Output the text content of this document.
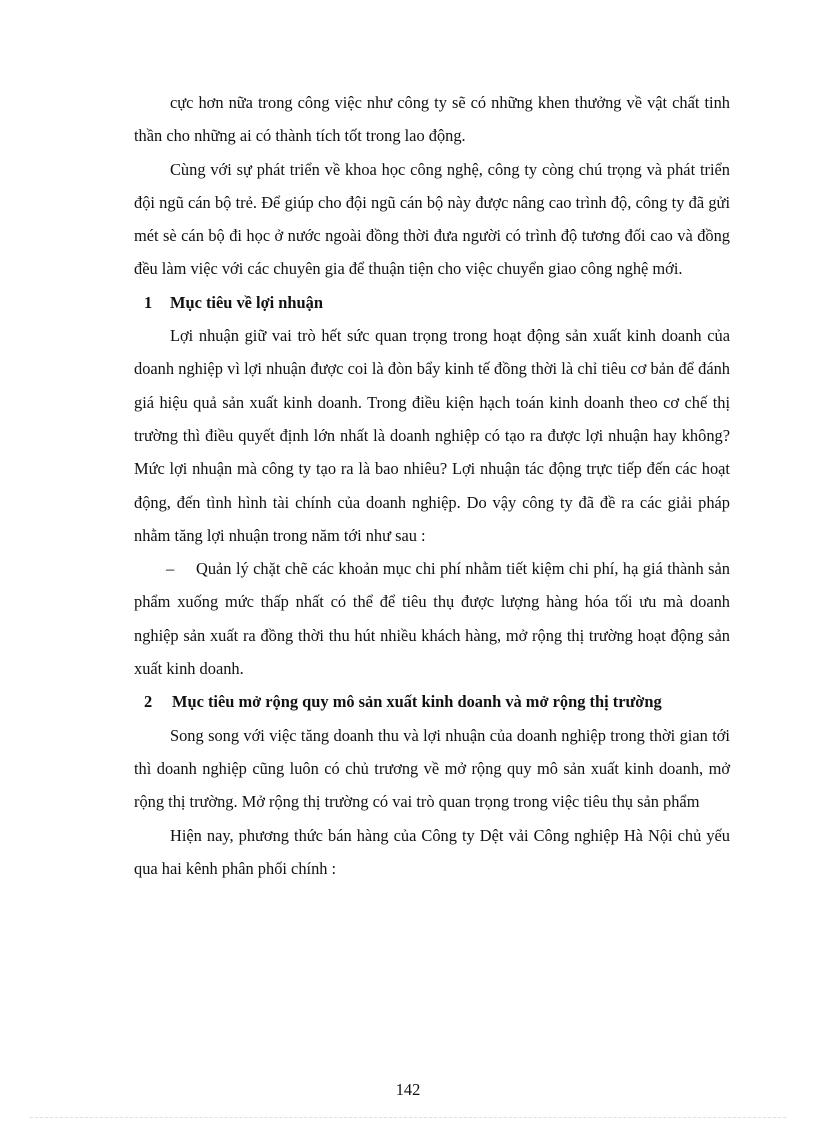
cực hơn nữa trong công việc như công ty sẽ có những khen thưởng về vật chất tinh thần cho những ai có thành tích tốt trong lao động.

Cùng với sự phát triển về khoa học công nghệ, công ty còng chú trọng và phát triển đội ngũ cán bộ trẻ. Để giúp cho đội ngũ cán bộ này được nâng cao trình độ, công ty đã gửi mét sè cán bộ đi học ở nước ngoài đồng thời đưa người có trình độ tương đối cao và đồng đều làm việc với các chuyên gia để thuận tiện cho việc chuyển giao công nghệ mới.

1 Mục tiêu về lợi nhuận

Lợi nhuận giữ vai trò hết sức quan trọng trong hoạt động sản xuất kinh doanh của doanh nghiệp vì lợi nhuận được coi là đòn bẩy kinh tế đồng thời là chỉ tiêu cơ bản để đánh giá hiệu quả sản xuất kinh doanh. Trong điều kiện hạch toán kinh doanh theo cơ chế thị trường thì điều quyết định lớn nhất là doanh nghiệp có tạo ra được lợi nhuận hay không? Mức lợi nhuận mà công ty tạo ra là bao nhiêu? Lợi nhuận tác động trực tiếp đến các hoạt động, đến tình hình tài chính của doanh nghiệp. Do vậy công ty đã đề ra các giải pháp nhằm tăng lợi nhuận trong năm tới như sau :

– Quản lý chặt chẽ các khoản mục chi phí nhằm tiết kiệm chi phí, hạ giá thành sản phẩm xuống mức thấp nhất có thể để tiêu thụ được lượng hàng hóa tối ưu mà doanh nghiệp sản xuất ra đồng thời thu hút nhiều khách hàng, mở rộng thị trường hoạt động sản xuất kinh doanh.

2 Mục tiêu mở rộng quy mô sản xuất kinh doanh và mở rộng thị trường

Song song với việc tăng doanh thu và lợi nhuận của doanh nghiệp trong thời gian tới thì doanh nghiệp cũng luôn có chủ trương về mở rộng quy mô sản xuất kinh doanh, mở rộng thị trường. Mở rộng thị trường có vai trò quan trọng trong việc tiêu thụ sản phẩm

Hiện nay, phương thức bán hàng của Công ty Dệt vải Công nghiệp Hà Nội chủ yếu qua hai kênh phân phối chính :

142
